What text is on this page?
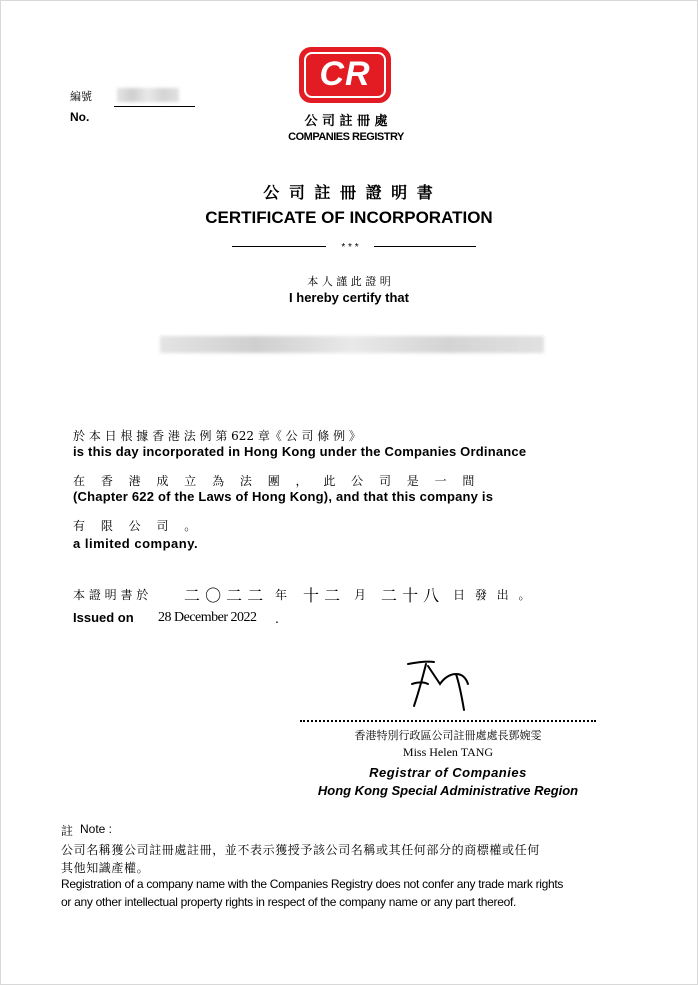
編號
No.
CR
公 司 註 冊 處
COMPANIES REGISTRY
公 司 註 冊 證 明 書
CERTIFICATE OF INCORPORATION
* * *
本 人 謹 此 證 明
I hereby certify that
於 本 日 根 據 香 港 法 例 第 622 章《 公 司 條 例 》
is this day incorporated in Hong Kong under the Companies Ordinance
在 香 港 成 立 為 法 團 ， 此 公 司 是 一 間
(Chapter 622 of the Laws of Hong Kong), and that this company is
有 限 公 司 。
a limited company.
本 證 明 書 於 二 〇 二 二 年 十 二 月 二 十 八 日 發 出 。
Issued on 28 December 2022 .
香港特別行政區公司註冊處處長鄧婉雯
Miss Helen TANG
Registrar of Companies
Hong Kong Special Administrative Region
註 Note :
公司名稱獲公司註冊處註冊，並不表示獲授予該公司名稱或其任何部分的商標權或任何
其他知識產權。
Registration of a company name with the Companies Registry does not confer any trade mark rights
or any other intellectual property rights in respect of the company name or any part thereof.
